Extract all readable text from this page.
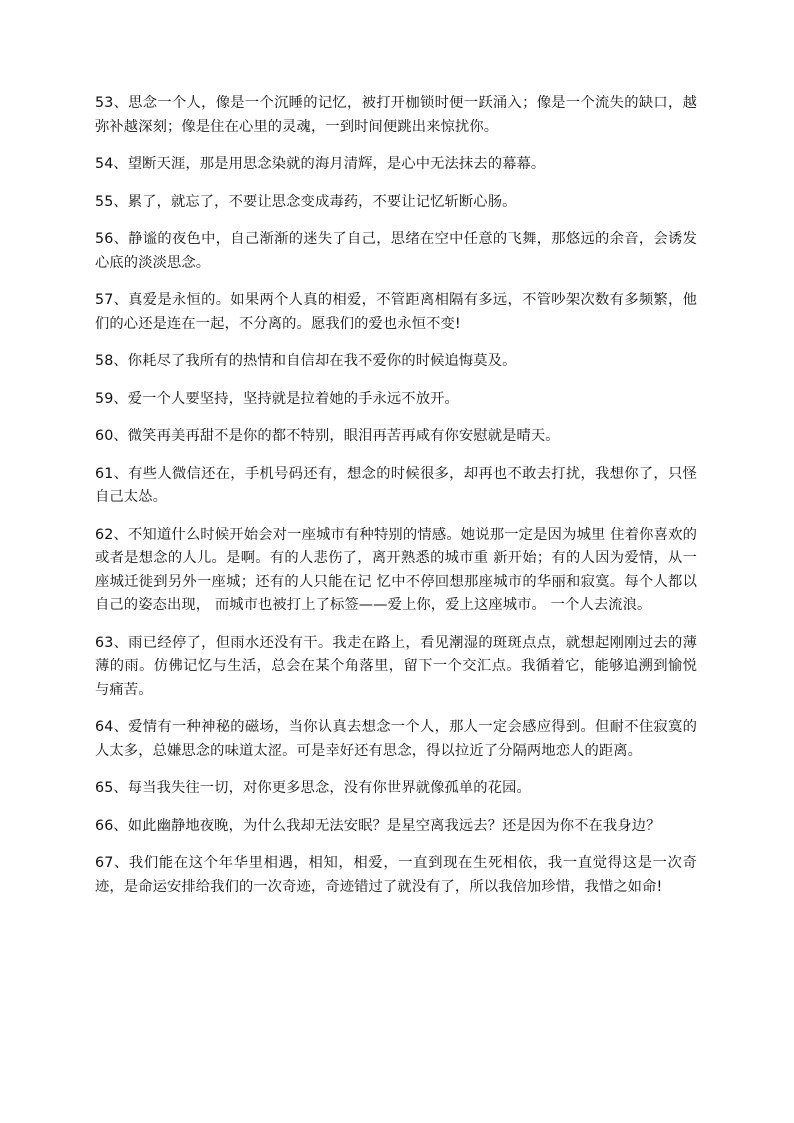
53、思念一个人，像是一个沉睡的记忆，被打开枷锁时便一跃涌入；像是一个流失的缺口，越弥补越深刻；像是住在心里的灵魂，一到时间便跳出来惊扰你。
54、望断天涯，那是用思念染就的海月清辉，是心中无法抹去的幕幕。
55、累了，就忘了，不要让思念变成毒药，不要让记忆斩断心肠。
56、静谧的夜色中，自己渐渐的迷失了自己，思绪在空中任意的飞舞，那悠远的余音，会诱发心底的淡淡思念。
57、真爱是永恒的。如果两个人真的相爱，不管距离相隔有多远，不管吵架次数有多频繁，他们的心还是连在一起，不分离的。愿我们的爱也永恒不变!
58、你耗尽了我所有的热情和自信却在我不爱你的时候追悔莫及。
59、爱一个人要坚持，坚持就是拉着她的手永远不放开。
60、微笑再美再甜不是你的都不特别，眼泪再苦再咸有你安慰就是晴天。
61、有些人微信还在，手机号码还有，想念的时候很多，却再也不敢去打扰，我想你了，只怪自己太怂。
62、不知道什么时候开始会对一座城市有种特别的情感。她说那一定是因为城里 住着你喜欢的或者是想念的人儿。是啊。有的人悲伤了，离开熟悉的城市重 新开始；有的人因为爱情，从一座城迁徙到另外一座城；还有的人只能在记 忆中不停回想那座城市的华丽和寂寞。每个人都以自己的姿态出现， 而城市也被打上了标签——爱上你，爱上这座城市。 一个人去流浪。
63、雨已经停了，但雨水还没有干。我走在路上，看见潮湿的斑斑点点，就想起刚刚过去的薄薄的雨。仿佛记忆与生活，总会在某个角落里，留下一个交汇点。我循着它，能够追溯到愉悦与痛苦。
64、爱情有一种神秘的磁场，当你认真去想念一个人，那人一定会感应得到。但耐不住寂寞的人太多，总嫌思念的味道太涩。可是幸好还有思念，得以拉近了分隔两地恋人的距离。
65、每当我失往一切，对你更多思念，没有你世界就像孤单的花园。
66、如此幽静地夜晚，为什么我却无法安眠？是星空离我远去？还是因为你不在我身边？
67、我们能在这个年华里相遇，相知，相爱，一直到现在生死相依，我一直觉得这是一次奇迹，是命运安排给我们的一次奇迹，奇迹错过了就没有了，所以我倍加珍惜，我惜之如命!
